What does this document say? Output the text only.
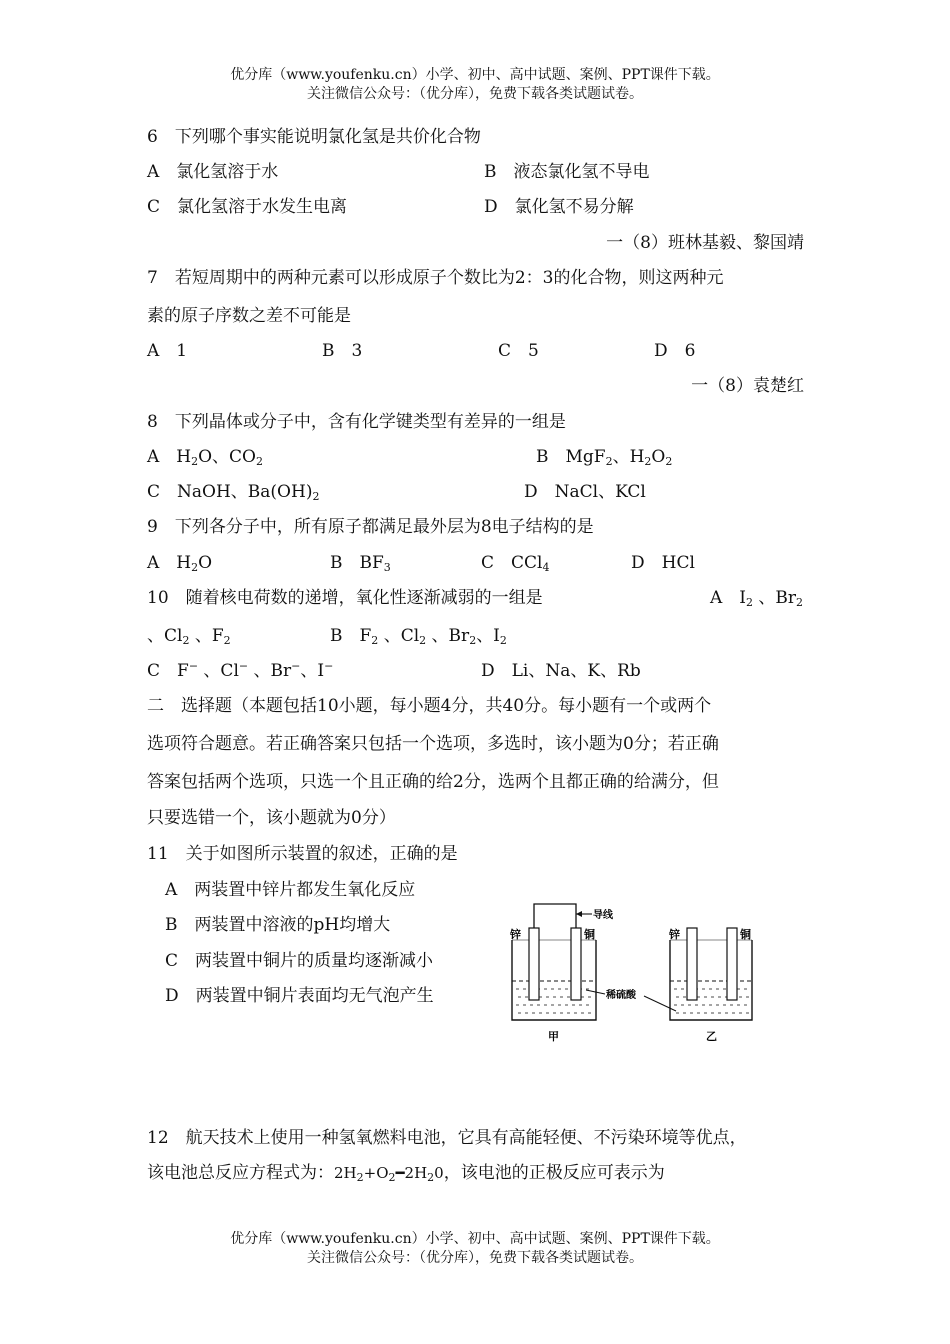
优分库（www.youfenku.cn）小学、初中、高中试题、案例、PPT课件下载。
关注微信公众号：（优分库），免费下载各类试题试卷。
6　下列哪个事实能说明氯化氢是共价化合物
A　氯化氢溶于水	B　液态氯化氢不导电
C　氯化氢溶于水发生电离	D　氯化氢不易分解
一（8）班林基毅、黎国靖
7　若短周期中的两种元素可以形成原子个数比为2：3的化合物，则这两种元
素的原子序数之差不可能是
A　1	B　3	C　5	D　6
一（8）袁楚红
8　下列晶体或分子中，含有化学键类型有差异的一组是
A　$H_2O$、$CO_2$	B　MgF$_2$、$H_2O_2$
C　NaOH、$Ba(OH)_2$	D　NaCl、KCl
9　下列各分子中，所有原子都满足最外层为8电子结构的是
A　$H_2O$	B　$BF_3$	C　CCl$_4$	D　HCl
10　随着核电荷数的递增，氧化性逐渐减弱的一组是	A　$I_2$ 、$Br_2$
、$Cl_2$ 、$F_2$	B　$F_2$ 、$Cl_2$ 、$Br_2$、$I_2$
C　F− 、Cl− 、Br−、I−	D　Li、Na、K、Rb
二　选择题（本题包括10小题，每小题4分，共40分。每小题有一个或两个
选项符合题意。若正确答案只包括一个选项，多选时，该小题为0分；若正确
答案包括两个选项，只选一个且正确的给2分，选两个且都正确的给满分，但
只要选错一个，该小题就为0分）
11　关于如图所示装置的叙述，正确的是
A　两装置中锌片都发生氧化反应
B　两装置中溶液的pH均增大
C　两装置中铜片的质量均逐渐减小
D　两装置中铜片表面均无气泡产生
导线
锌	铜
甲
稀硫酸
锌	铜
乙
12　航天技术上使用一种氢氧燃料电池，它具有高能轻便、不污染环境等优点，
该电池总反应方程式为：$2H_2+O_2━2H_20$，该电池的正极反应可表示为
优分库（www.youfenku.cn）小学、初中、高中试题、案例、PPT课件下载。
关注微信公众号：（优分库），免费下载各类试题试卷。
